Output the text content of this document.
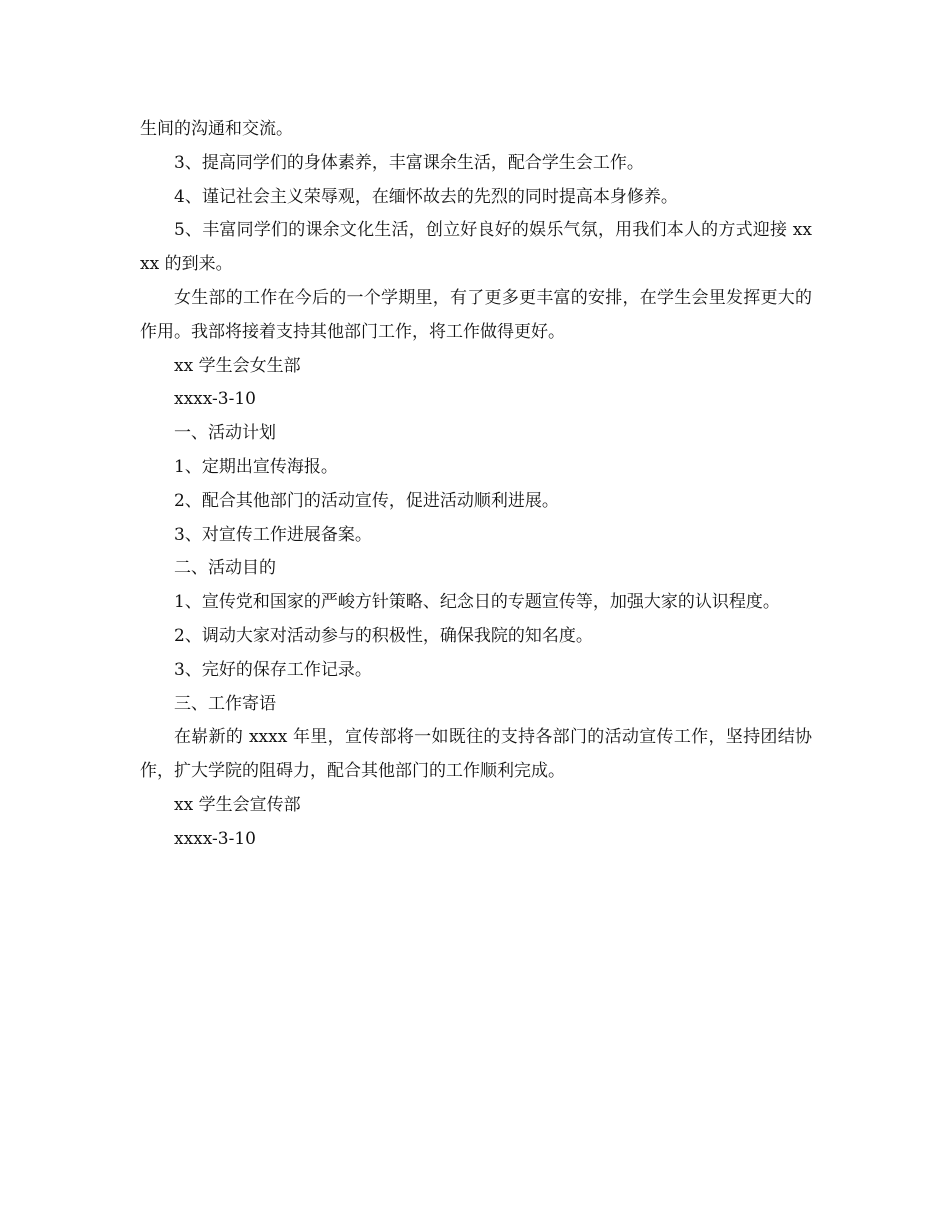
生间的沟通和交流。

3、提高同学们的身体素养，丰富课余生活，配合学生会工作。

4、谨记社会主义荣辱观，在缅怀故去的先烈的同时提高本身修养。

5、丰富同学们的课余文化生活，创立好良好的娱乐气氛，用我们本人的方式迎接 xxxx 的到来。

女生部的工作在今后的一个学期里，有了更多更丰富的安排，在学生会里发挥更大的作用。我部将接着支持其他部门工作，将工作做得更好。

xx 学生会女生部

xxxx-3-10

一、活动计划

1、定期出宣传海报。

2、配合其他部门的活动宣传，促进活动顺利进展。

3、对宣传工作进展备案。

二、活动目的

1、宣传党和国家的严峻方针策略、纪念日的专题宣传等，加强大家的认识程度。

2、调动大家对活动参与的积极性，确保我院的知名度。

3、完好的保存工作记录。

三、工作寄语

在崭新的 xxxx 年里，宣传部将一如既往的支持各部门的活动宣传工作，坚持团结协作，扩大学院的阻碍力，配合其他部门的工作顺利完成。

xx 学生会宣传部

xxxx-3-10
